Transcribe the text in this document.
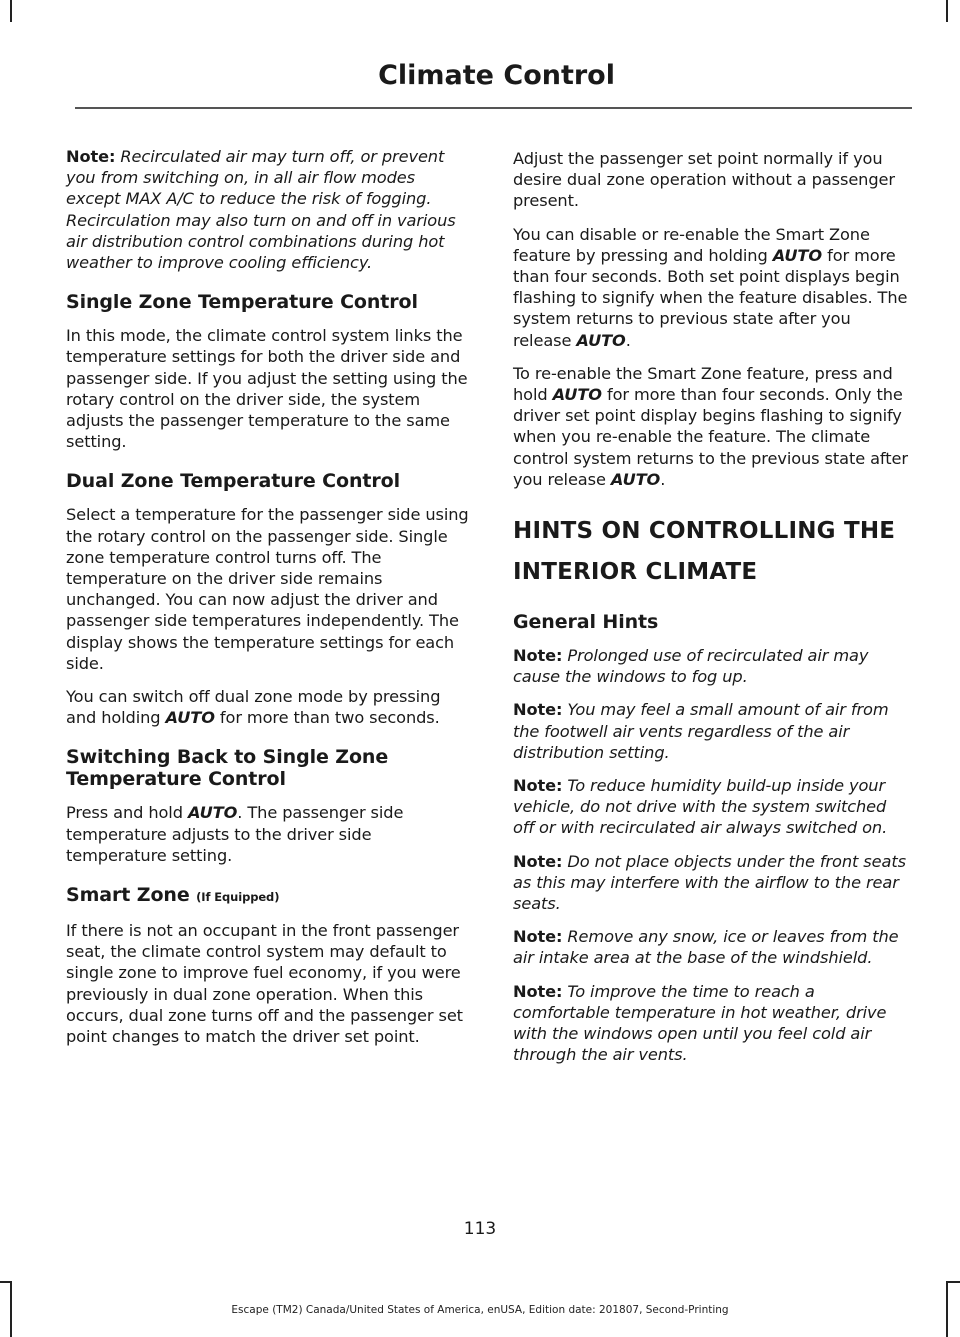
Climate Control

Note: Recirculated air may turn off, or prevent you from switching on, in all air flow modes except MAX A/C to reduce the risk of fogging. Recirculation may also turn on and off in various air distribution control combinations during hot weather to improve cooling efficiency.

Single Zone Temperature Control

In this mode, the climate control system links the temperature settings for both the driver side and passenger side. If you adjust the setting using the rotary control on the driver side, the system adjusts the passenger temperature to the same setting.

Dual Zone Temperature Control

Select a temperature for the passenger side using the rotary control on the passenger side. Single zone temperature control turns off. The temperature on the driver side remains unchanged. You can now adjust the driver and passenger side temperatures independently. The display shows the temperature settings for each side.

You can switch off dual zone mode by pressing and holding AUTO for more than two seconds.

Switching Back to Single Zone Temperature Control

Press and hold AUTO. The passenger side temperature adjusts to the driver side temperature setting.

Smart Zone (If Equipped)

If there is not an occupant in the front passenger seat, the climate control system may default to single zone to improve fuel economy, if you were previously in dual zone operation. When this occurs, dual zone turns off and the passenger set point changes to match the driver set point.

Adjust the passenger set point normally if you desire dual zone operation without a passenger present.

You can disable or re-enable the Smart Zone feature by pressing and holding AUTO for more than four seconds. Both set point displays begin flashing to signify when the feature disables. The system returns to previous state after you release AUTO.

To re-enable the Smart Zone feature, press and hold AUTO for more than four seconds. Only the driver set point display begins flashing to signify when you re-enable the feature. The climate control system returns to the previous state after you release AUTO.

HINTS ON CONTROLLING THE
INTERIOR CLIMATE
General Hints

Note: Prolonged use of recirculated air may cause the windows to fog up.

Note: You may feel a small amount of air from the footwell air vents regardless of the air distribution setting.

Note: To reduce humidity build-up inside your vehicle, do not drive with the system switched off or with recirculated air always switched on.

Note: Do not place objects under the front seats as this may interfere with the airflow to the rear seats.

Note: Remove any snow, ice or leaves from the air intake area at the base of the windshield.

Note: To improve the time to reach a comfortable temperature in hot weather, drive with the windows open until you feel cold air through the air vents.

113
Escape (TM2) Canada/United States of America, enUSA, Edition date: 201807, Second-Printing
